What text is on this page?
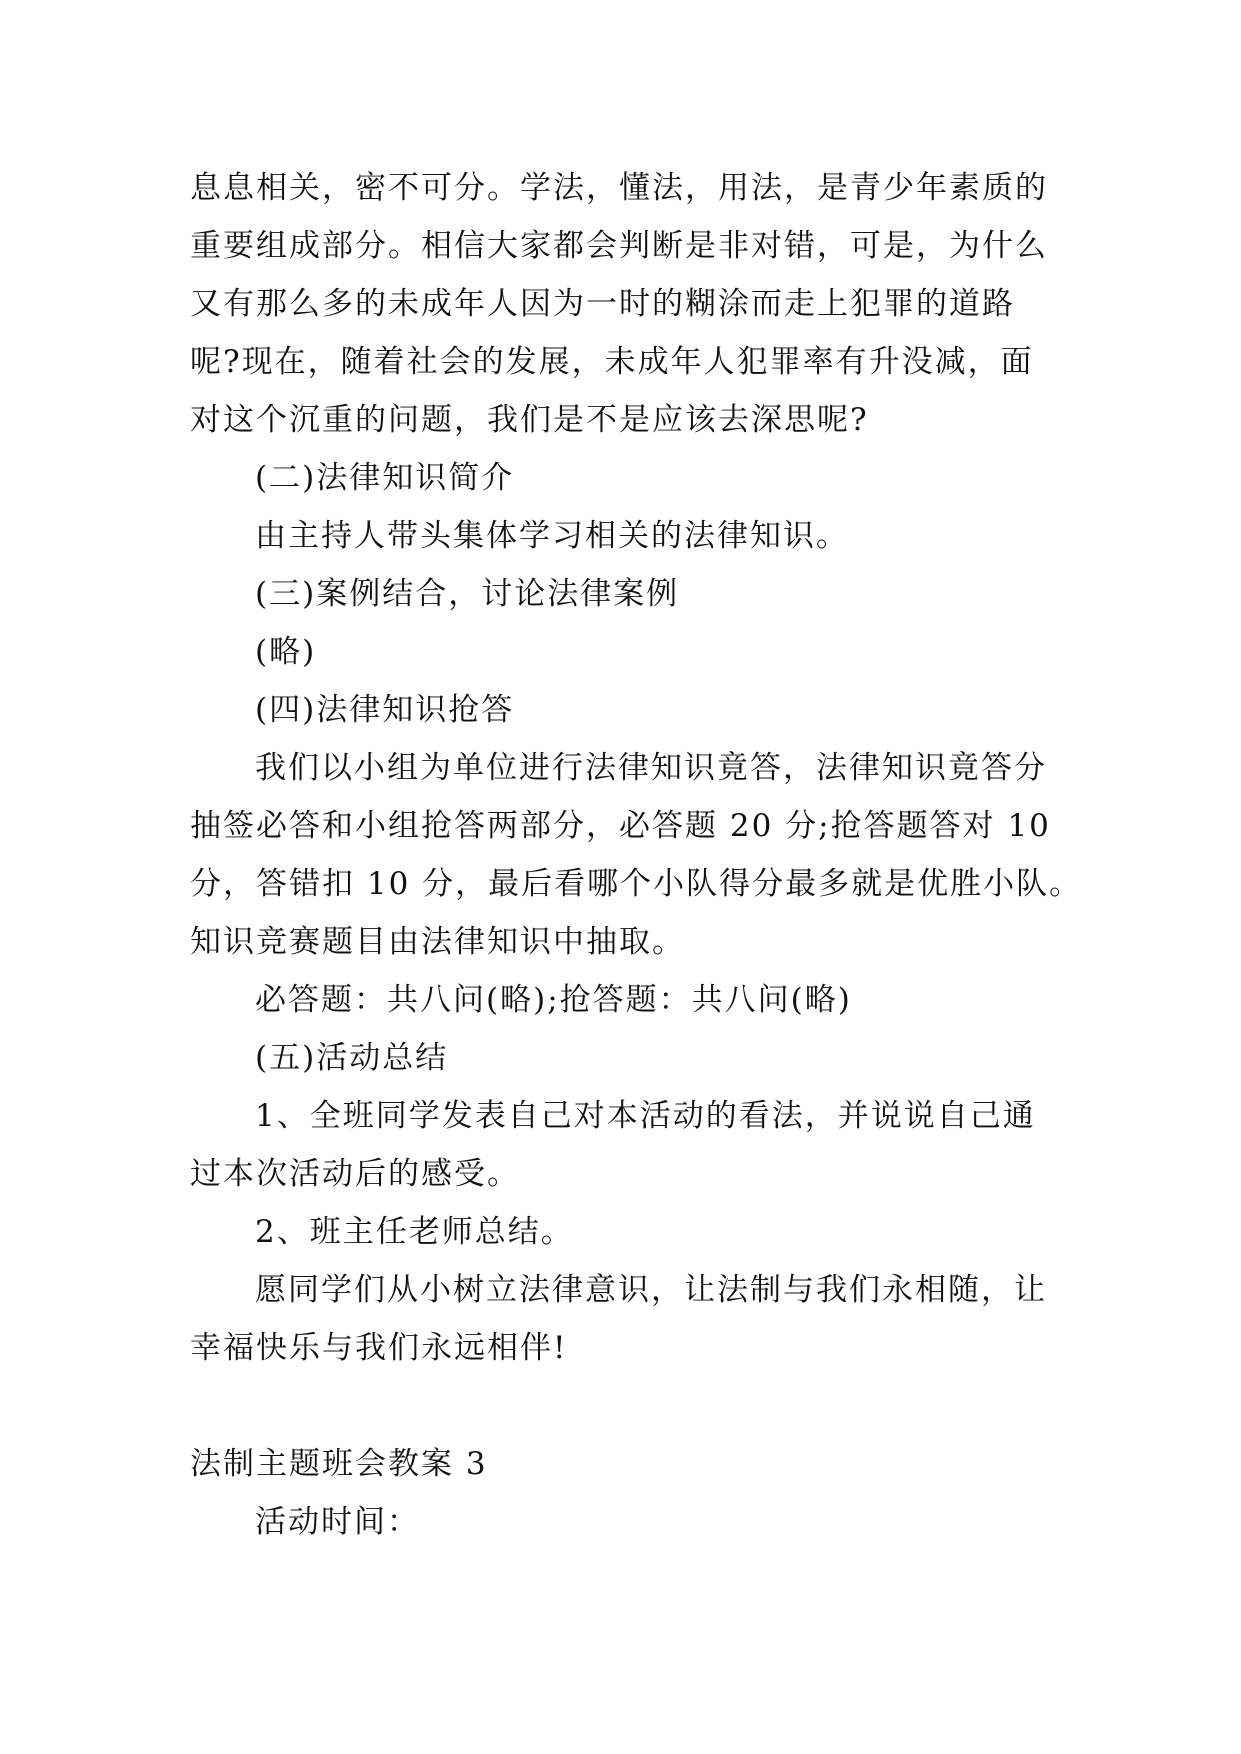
息息相关，密不可分。学法，懂法，用法，是青少年素质的
重要组成部分。相信大家都会判断是非对错，可是，为什么
又有那么多的未成年人因为一时的糊涂而走上犯罪的道路
呢?现在，随着社会的发展，未成年人犯罪率有升没减，面
对这个沉重的问题，我们是不是应该去深思呢?
(二)法律知识简介
由主持人带头集体学习相关的法律知识。
(三)案例结合，讨论法律案例
(略)
(四)法律知识抢答
我们以小组为单位进行法律知识竟答，法律知识竟答分
抽签必答和小组抢答两部分，必答题 20 分;抢答题答对 10
分，答错扣 10 分，最后看哪个小队得分最多就是优胜小队。
知识竞赛题目由法律知识中抽取。
必答题：共八问(略);抢答题：共八问(略)
(五)活动总结
1、全班同学发表自己对本活动的看法，并说说自己通
过本次活动后的感受。
2、班主任老师总结。
愿同学们从小树立法律意识，让法制与我们永相随，让
幸福快乐与我们永远相伴!
法制主题班会教案 3
活动时间：
